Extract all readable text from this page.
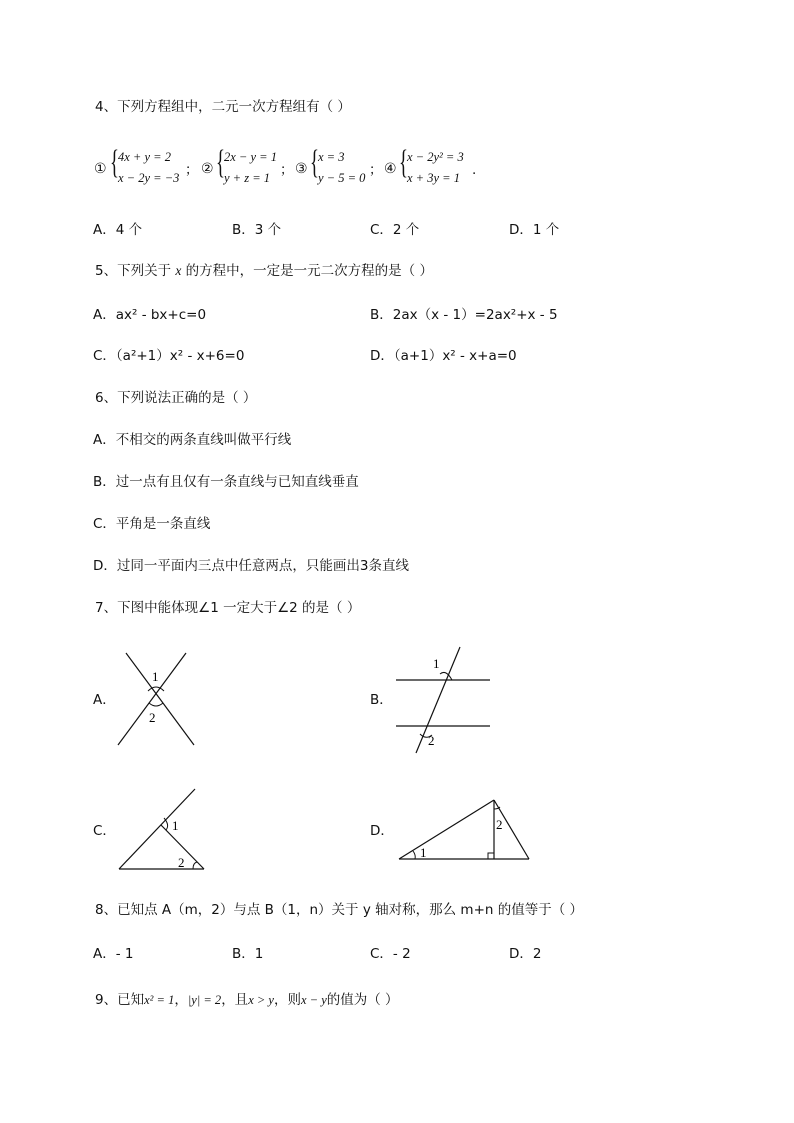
4、下列方程组中，二元一次方程组有（ ）
① { 4x + y = 2
x − 2y = −3 ； ② { 2x − y = 1
y + z = 1 ； ③ { x = 3
y − 5 = 0 ； ④ { x − 2y² = 3
x + 3y = 1 .
A．4 个	B．3 个	C．2 个	D．1 个
5、下列关于 x 的方程中，一定是一元二次方程的是（ ）
A．ax² - bx+c=0	B．2ax（x - 1）=2ax²+x - 5
C．（a²+1）x² - x+6=0	D．（a+1）x² - x+a=0
6、下列说法正确的是（ ）
A．不相交的两条直线叫做平行线
B．过一点有且仅有一条直线与已知直线垂直
C．平角是一条直线
D．过同一平面内三点中任意两点，只能画出3条直线
7、下图中能体现∠1 一定大于∠2 的是（ ）
A．
1
2
B．
1
2
C．	1
2
D．
1
2
8、已知点 A（m，2）与点 B（1，n）关于 y 轴对称，那么 m+n 的值等于（ ）
A．- 1	B．1	C．- 2	D．2
9、已知x² = 1，|y| = 2，且x > y，则x − y的值为（ ）
